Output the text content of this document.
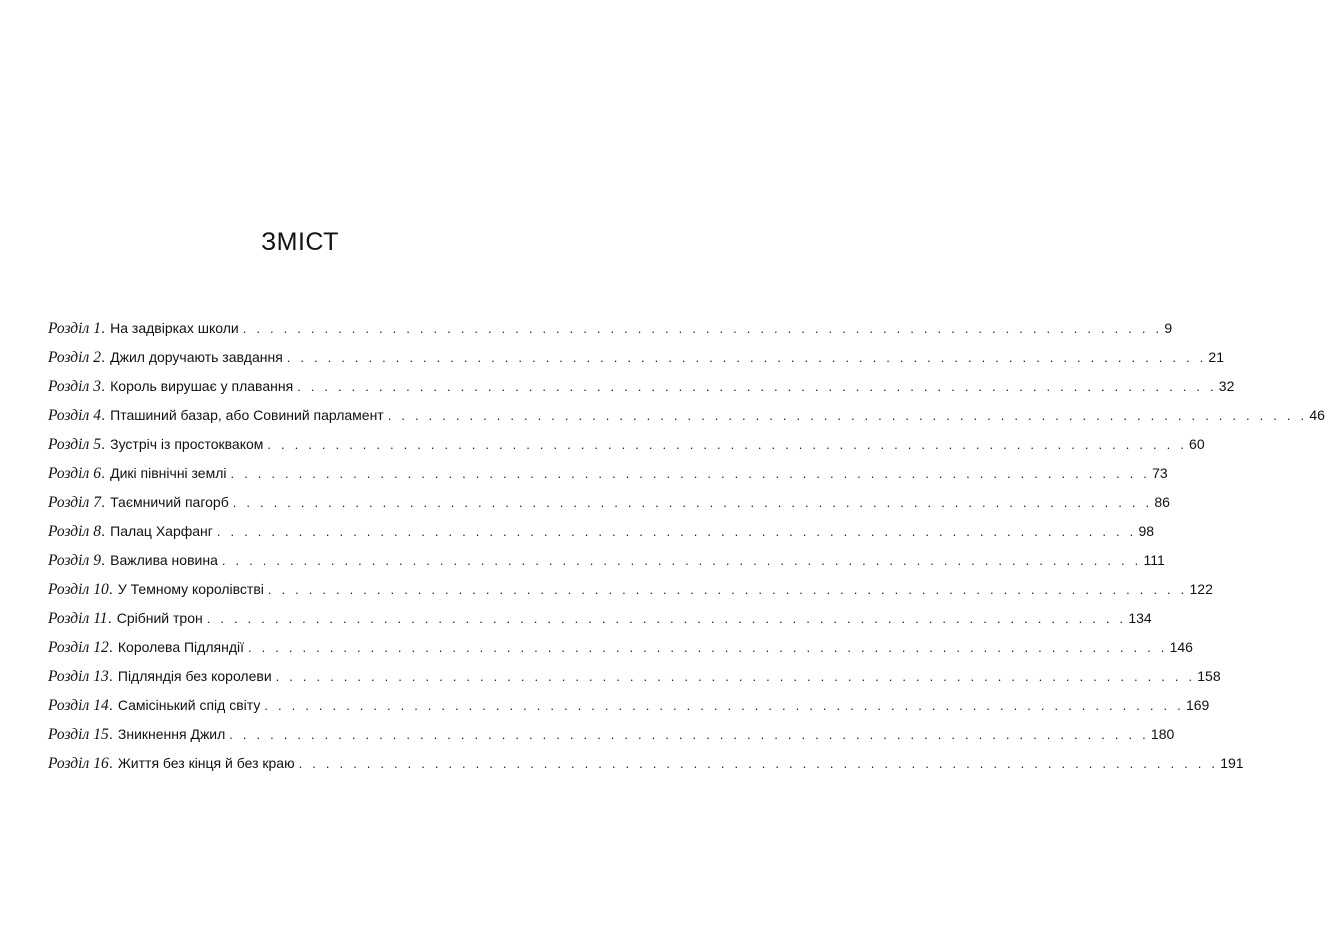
ЗМІСТ
Розділ 1 . На задвірках школи . . . . . . . . . . . . . . . . . . . . . . . . . . . . . . . . . . . . . . . . . . . . . . . . . . . . . . . . . . . . . . . . . . . . 9
Розділ 2 . Джил доручають завдання . . . . . . . . . . . . . . . . . . . . . . . . . . . . . . . . . . . . . . . . . . . . . . . . . . . . . . . . . . . . . . . . . . . . 21
Розділ 3 . Король вирушає у плавання . . . . . . . . . . . . . . . . . . . . . . . . . . . . . . . . . . . . . . . . . . . . . . . . . . . . . . . . . . . . . . . . . . . . 32
Розділ 4 . Пташиний базар, або Совиний парламент . . . . . . . . . . . . . . . . . . . . . . . . . . . . . . . . . . . . . . . . . . . . . . . . . . . . . . . . . . . . . . . . . . . . 46
Розділ 5 . Зустріч із простокваком . . . . . . . . . . . . . . . . . . . . . . . . . . . . . . . . . . . . . . . . . . . . . . . . . . . . . . . . . . . . . . . . . . . . 60
Розділ 6 . Дикі північні землі . . . . . . . . . . . . . . . . . . . . . . . . . . . . . . . . . . . . . . . . . . . . . . . . . . . . . . . . . . . . . . . . . . . . 73
Розділ 7 . Таємничий пагорб . . . . . . . . . . . . . . . . . . . . . . . . . . . . . . . . . . . . . . . . . . . . . . . . . . . . . . . . . . . . . . . . . . . . 86
Розділ 8 . Палац Харфанг . . . . . . . . . . . . . . . . . . . . . . . . . . . . . . . . . . . . . . . . . . . . . . . . . . . . . . . . . . . . . . . . . . . . 98
Розділ 9 . Важлива новина . . . . . . . . . . . . . . . . . . . . . . . . . . . . . . . . . . . . . . . . . . . . . . . . . . . . . . . . . . . . . . . . . . . . 111
Розділ 10 . У Темному королівстві . . . . . . . . . . . . . . . . . . . . . . . . . . . . . . . . . . . . . . . . . . . . . . . . . . . . . . . . . . . . . . . . . . . . 122
Розділ 11 . Срібний трон . . . . . . . . . . . . . . . . . . . . . . . . . . . . . . . . . . . . . . . . . . . . . . . . . . . . . . . . . . . . . . . . . . . . 134
Розділ 12 . Королева Підляндії . . . . . . . . . . . . . . . . . . . . . . . . . . . . . . . . . . . . . . . . . . . . . . . . . . . . . . . . . . . . . . . . . . . . 146
Розділ 13 . Підляндія без королеви . . . . . . . . . . . . . . . . . . . . . . . . . . . . . . . . . . . . . . . . . . . . . . . . . . . . . . . . . . . . . . . . . . . . 158
Розділ 14 . Самісінький спід світу . . . . . . . . . . . . . . . . . . . . . . . . . . . . . . . . . . . . . . . . . . . . . . . . . . . . . . . . . . . . . . . . . . . . 169
Розділ 15 . Зникнення Джил . . . . . . . . . . . . . . . . . . . . . . . . . . . . . . . . . . . . . . . . . . . . . . . . . . . . . . . . . . . . . . . . . . . . 180
Розділ 16 . Життя без кінця й без краю . . . . . . . . . . . . . . . . . . . . . . . . . . . . . . . . . . . . . . . . . . . . . . . . . . . . . . . . . . . . . . . . . . . . 191
